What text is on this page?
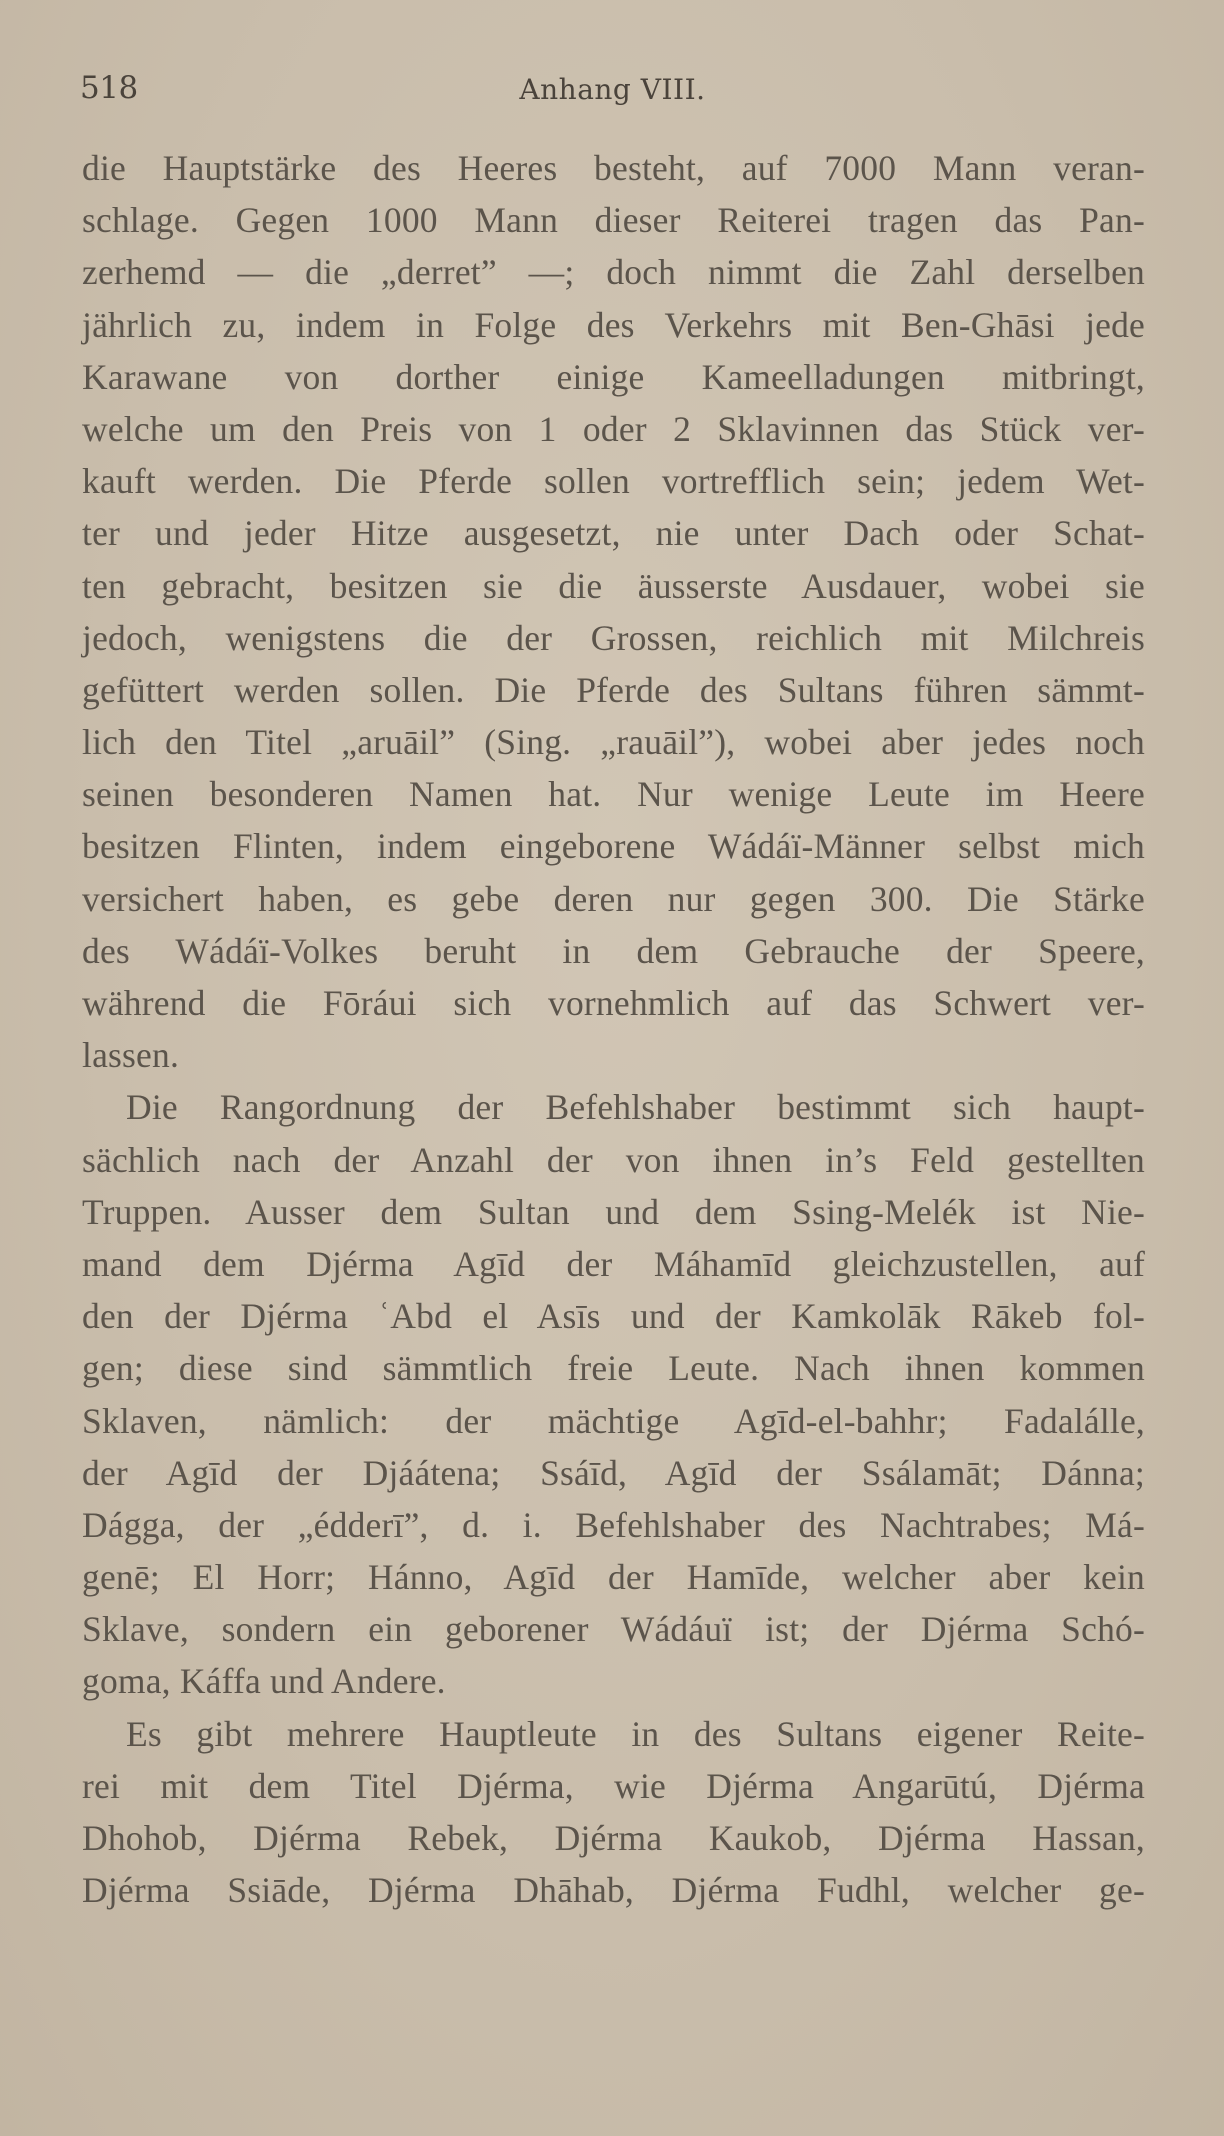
518	Anhang VIII.
die Hauptstärke des Heeres besteht, auf 7000 Mann veran-
schlage. Gegen 1000 Mann dieser Reiterei tragen das Pan-
zerhemd — die „derret” —; doch nimmt die Zahl derselben
jährlich zu, indem in Folge des Verkehrs mit Ben-Ghāsi jede
Karawane von dorther einige Kameelladungen mitbringt,
welche um den Preis von 1 oder 2 Sklavinnen das Stück ver-
kauft werden. Die Pferde sollen vortrefflich sein; jedem Wet-
ter und jeder Hitze ausgesetzt, nie unter Dach oder Schat-
ten gebracht, besitzen sie die äusserste Ausdauer, wobei sie
jedoch, wenigstens die der Grossen, reichlich mit Milchreis
gefüttert werden sollen. Die Pferde des Sultans führen sämmt-
lich den Titel „aruāil” (Sing. „rauāil”), wobei aber jedes noch
seinen besonderen Namen hat. Nur wenige Leute im Heere
besitzen Flinten, indem eingeborene Wádáï-Männer selbst mich
versichert haben, es gebe deren nur gegen 300. Die Stärke
des Wádáï-Volkes beruht in dem Gebrauche der Speere,
während die Fōráui sich vornehmlich auf das Schwert ver-
lassen.
Die Rangordnung der Befehlshaber bestimmt sich haupt-
sächlich nach der Anzahl der von ihnen in’s Feld gestellten
Truppen. Ausser dem Sultan und dem Ssing-Melék ist Nie-
mand dem Djérma Agīd der Máhamīd gleichzustellen, auf
den der Djérma ʿAbd el Asīs und der Kamkolāk Rākeb fol-
gen; diese sind sämmtlich freie Leute. Nach ihnen kommen
Sklaven, nämlich: der mächtige Agīd-el-bahhr; Fadalálle,
der Agīd der Djáátena; Ssáīd, Agīd der Ssálamāt; Dánna;
Dágga, der „édderī”, d. i. Befehlshaber des Nachtrabes; Má-
genē; El Horr; Hánno, Agīd der Hamīde, welcher aber kein
Sklave, sondern ein geborener Wádáuï ist; der Djérma Schó-
goma, Káffa und Andere.
Es gibt mehrere Hauptleute in des Sultans eigener Reite-
rei mit dem Titel Djérma, wie Djérma Angarūtú, Djérma
Dhohob, Djérma Rebek, Djérma Kaukob, Djérma Hassan,
Djérma Ssiāde, Djérma Dhāhab, Djérma Fudhl, welcher ge-
